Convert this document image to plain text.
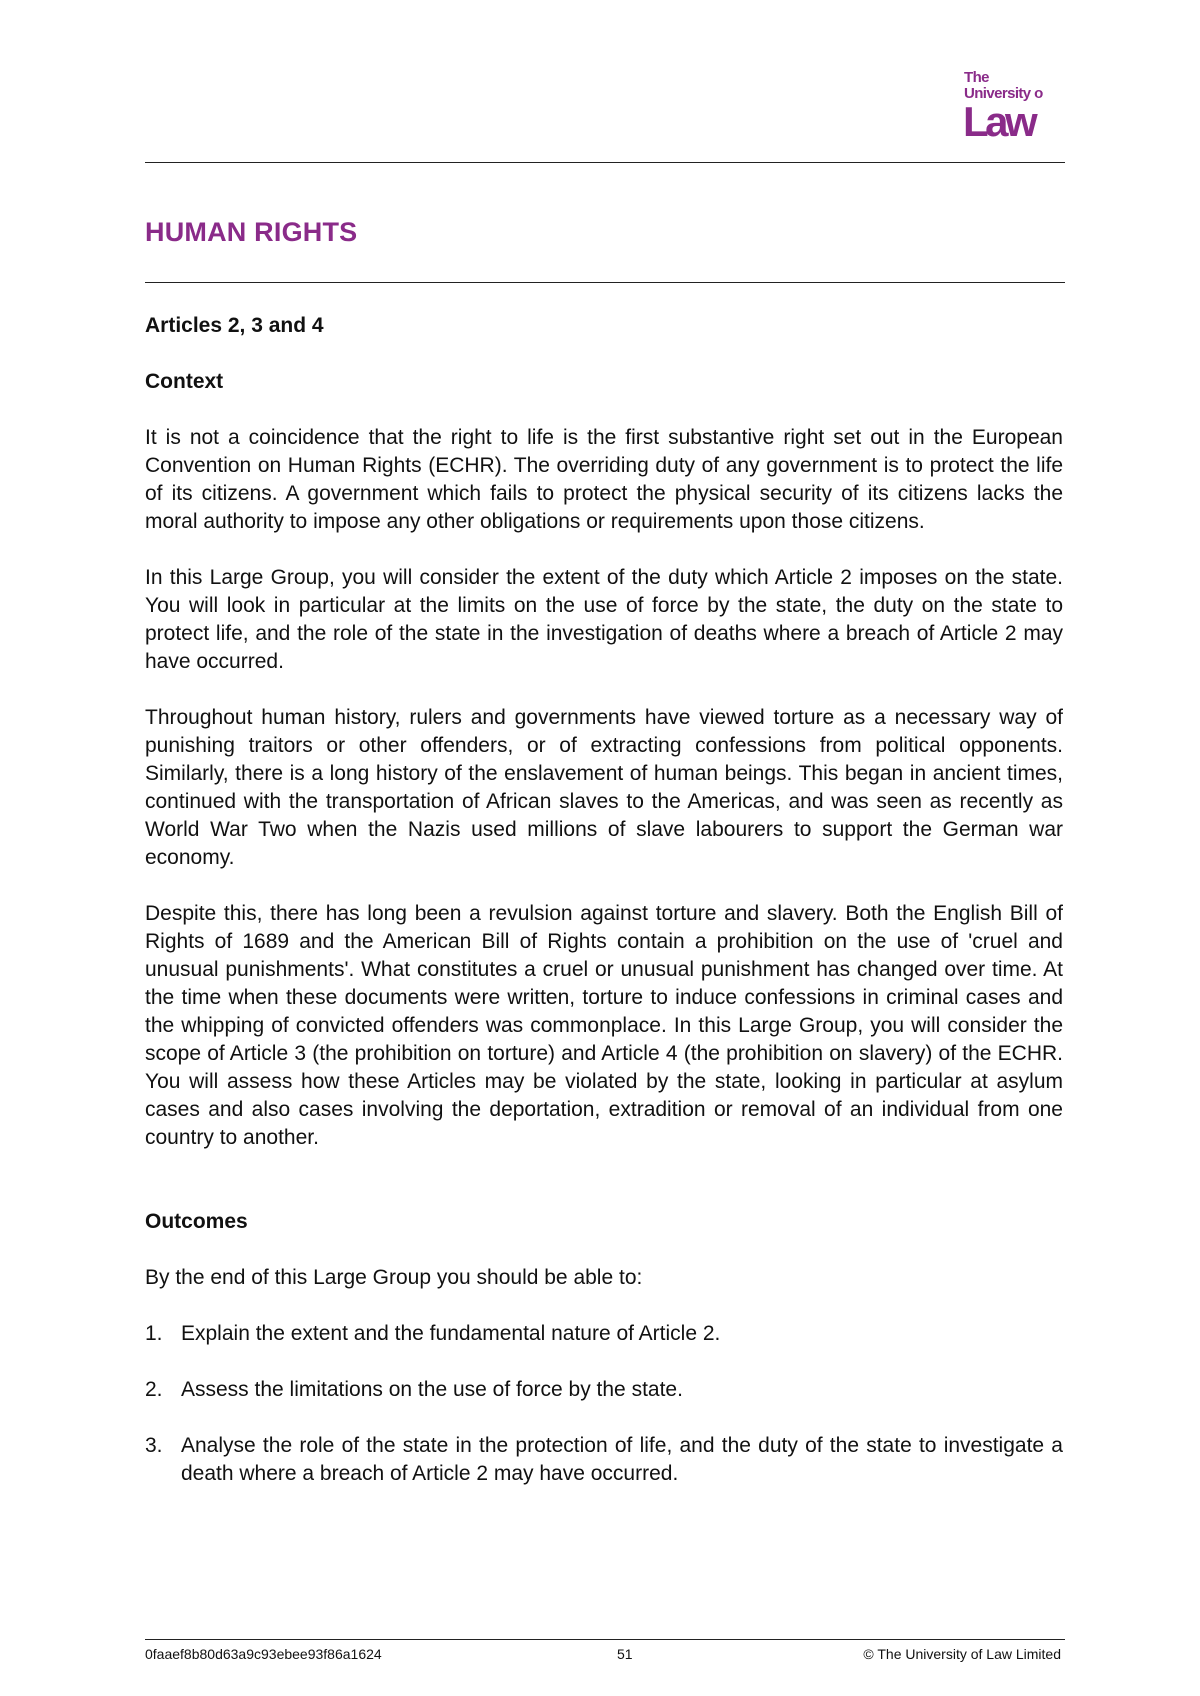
The
University o
Law
HUMAN RIGHTS
Articles 2, 3 and 4
Context

It is not a coincidence that the right to life is the first substantive right set out in the European Convention on Human Rights (ECHR). The overriding duty of any government is to protect the life of its citizens. A government which fails to protect the physical security of its citizens lacks the moral authority to impose any other obligations or requirements upon those citizens.

In this Large Group, you will consider the extent of the duty which Article 2 imposes on the state. You will look in particular at the limits on the use of force by the state, the duty on the state to protect life, and the role of the state in the investigation of deaths where a breach of Article 2 may have occurred.

Throughout human history, rulers and governments have viewed torture as a necessary way of punishing traitors or other offenders, or of extracting confessions from political opponents. Similarly, there is a long history of the enslavement of human beings. This began in ancient times, continued with the transportation of African slaves to the Americas, and was seen as recently as World War Two when the Nazis used millions of slave labourers to support the German war economy.

Despite this, there has long been a revulsion against torture and slavery. Both the English Bill of Rights of 1689 and the American Bill of Rights contain a prohibition on the use of 'cruel and unusual punishments'. What constitutes a cruel or unusual punishment has changed over time. At the time when these documents were written, torture to induce confessions in criminal cases and the whipping of convicted offenders was commonplace. In this Large Group, you will consider the scope of Article 3 (the prohibition on torture) and Article 4 (the prohibition on slavery) of the ECHR. You will assess how these Articles may be violated by the state, looking in particular at asylum cases and also cases involving the deportation, extradition or removal of an individual from one country to another.

Outcomes

By the end of this Large Group you should be able to:

1. Explain the extent and the fundamental nature of Article 2.
2. Assess the limitations on the use of force by the state.
3. Analyse the role of the state in the protection of life, and the duty of the state to investigate a death where a breach of Article 2 may have occurred.
0faaef8b80d63a9c93ebee93f86a1624	51	© The University of Law Limited
